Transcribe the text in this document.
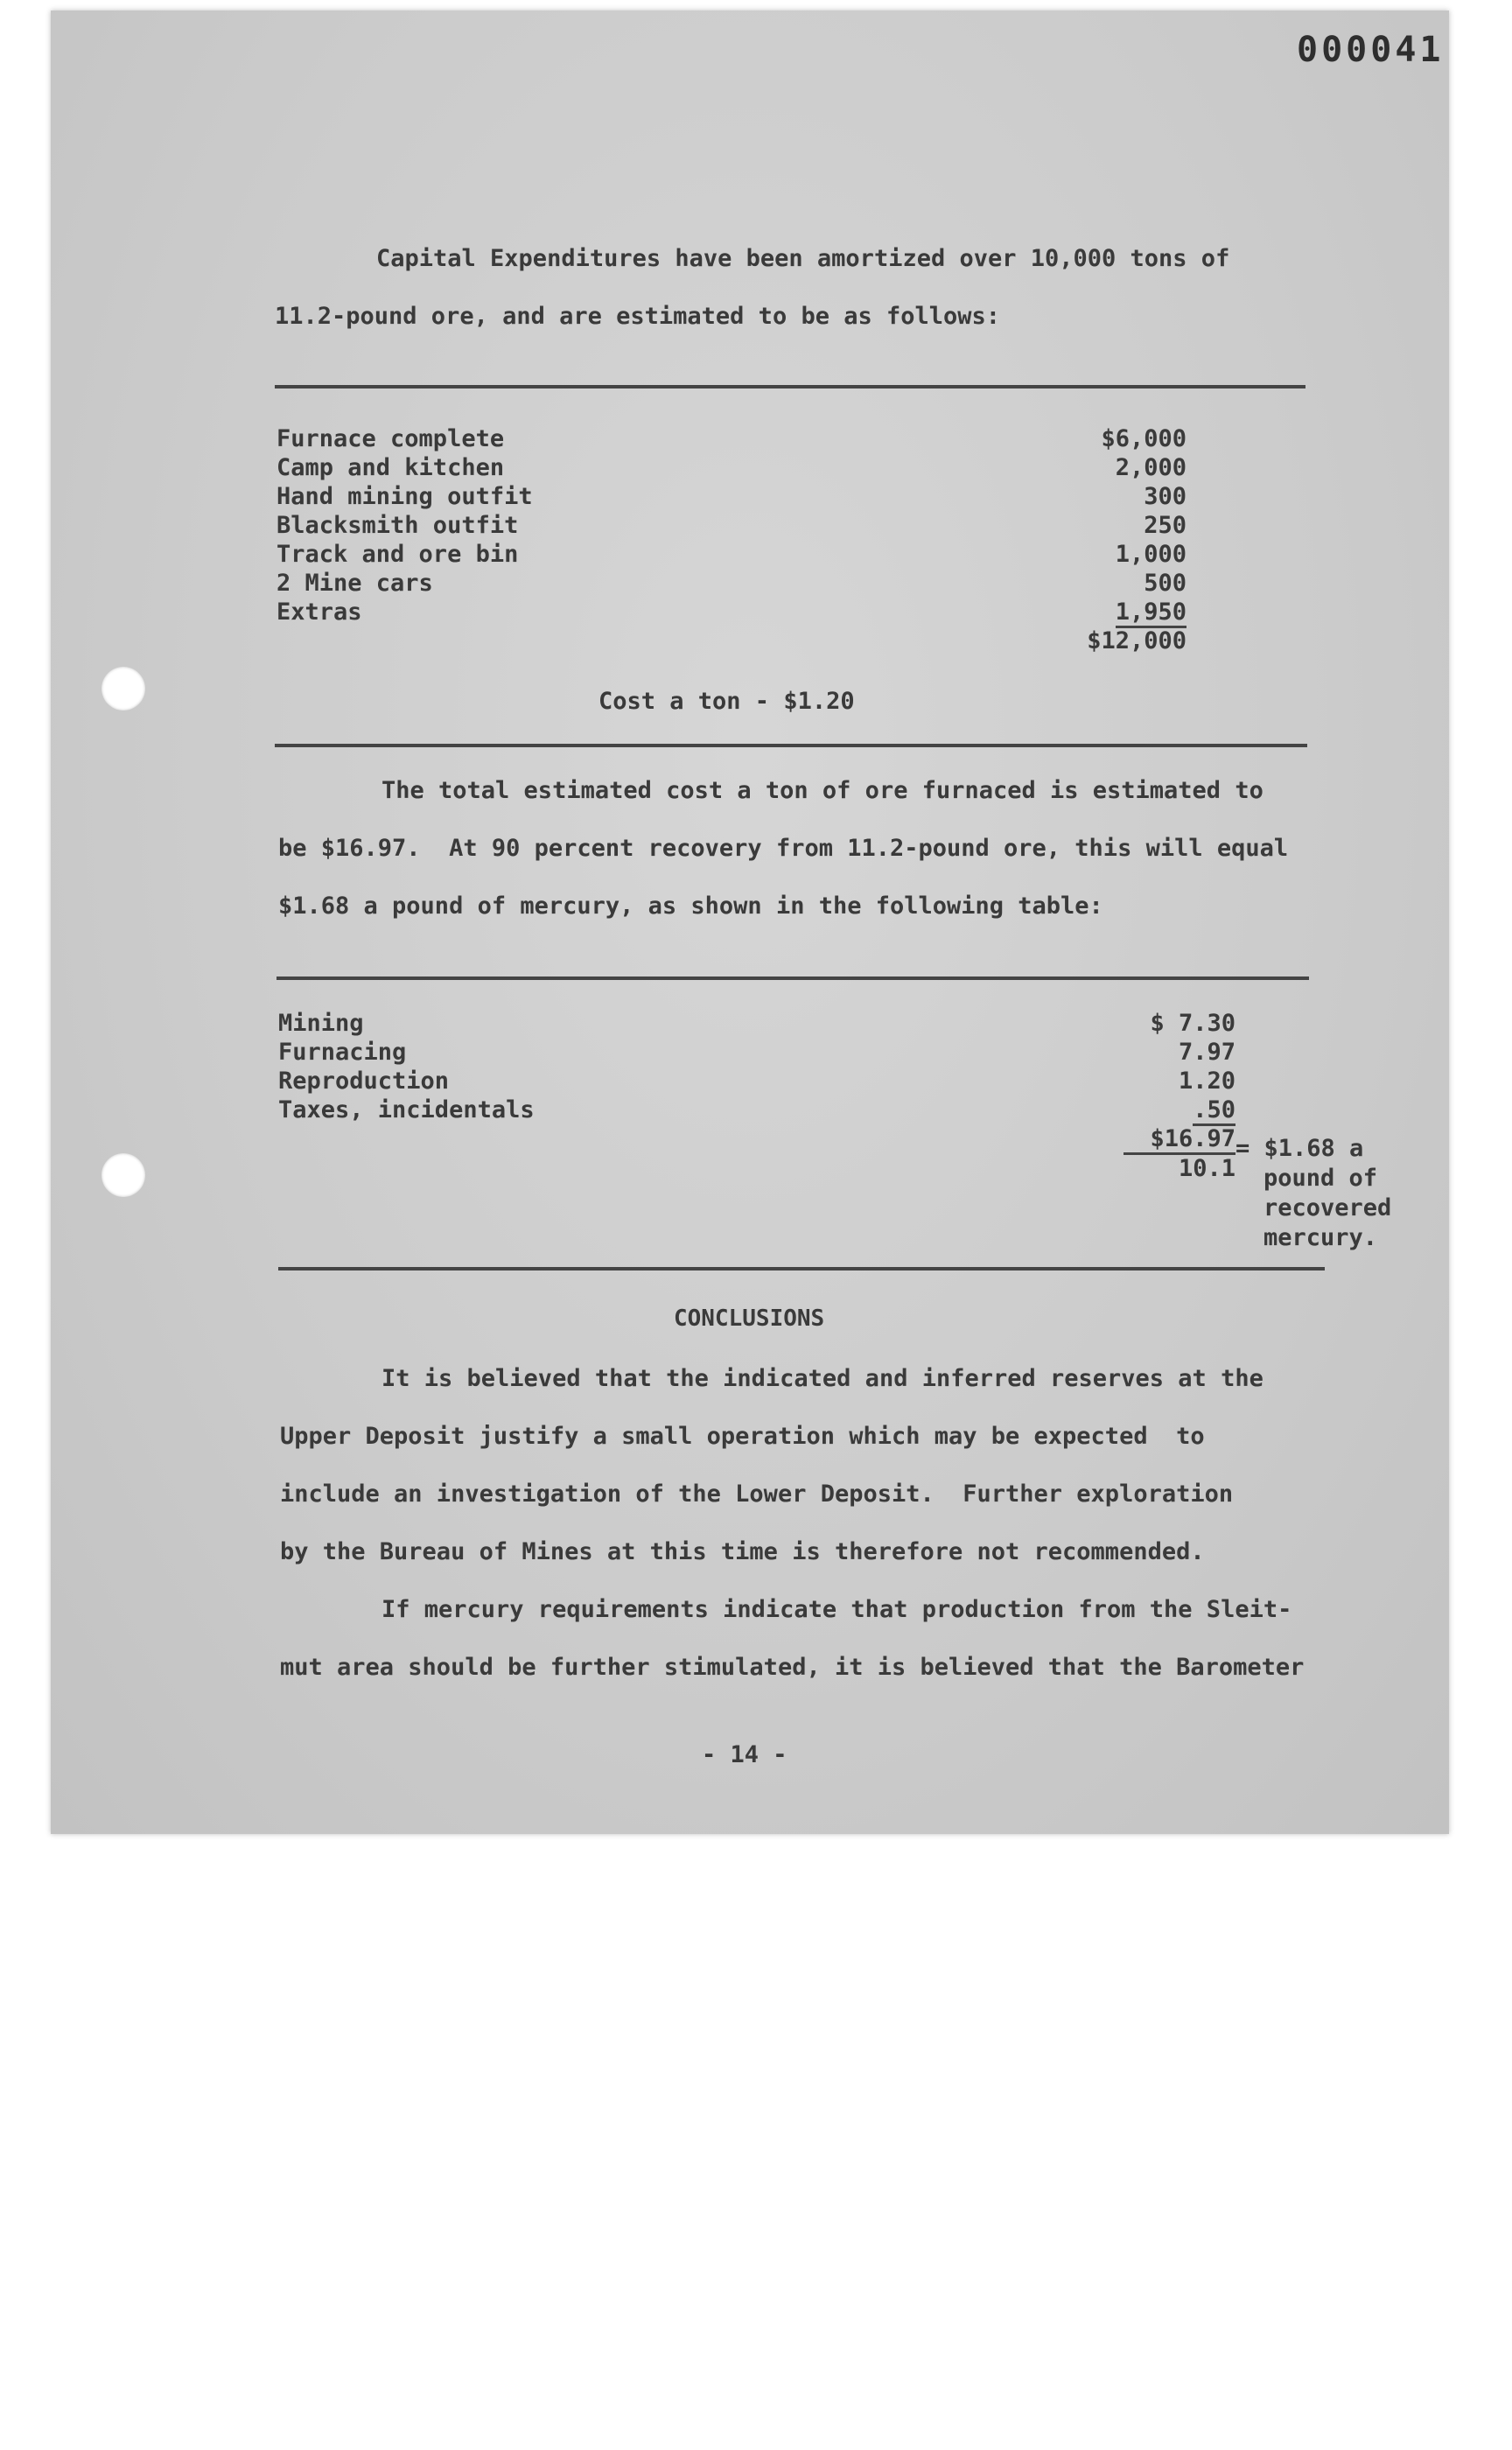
000041
Capital Expenditures have been amortized over 10,000 tons of
11.2-pound ore, and are estimated to be as follows:
Furnace complete	$6,000
Camp and kitchen	2,000
Hand mining outfit	300
Blacksmith outfit	250
Track and ore bin	1,000
2 Mine cars	500
Extras	1,950
$12,000
Cost a ton - $1.20
The total estimated cost a ton of ore furnaced is estimated to
be $16.97.  At 90 percent recovery from 11.2-pound ore, this will equal
$1.68 a pound of mercury, as shown in the following table:
Mining	$ 7.30
Furnacing	7.97
Reproduction	1.20
Taxes, incidentals	.50
$\frac{\$16.97}{10.1}$ = $1.68 a
pound of
recovered
mercury.
CONCLUSIONS
It is believed that the indicated and inferred reserves at the
Upper Deposit justify a small operation which may be expected  to
include an investigation of the Lower Deposit.  Further exploration
by the Bureau of Mines at this time is therefore not recommended.
If mercury requirements indicate that production from the Sleit-
mut area should be further stimulated, it is believed that the Barometer
- 14 -
